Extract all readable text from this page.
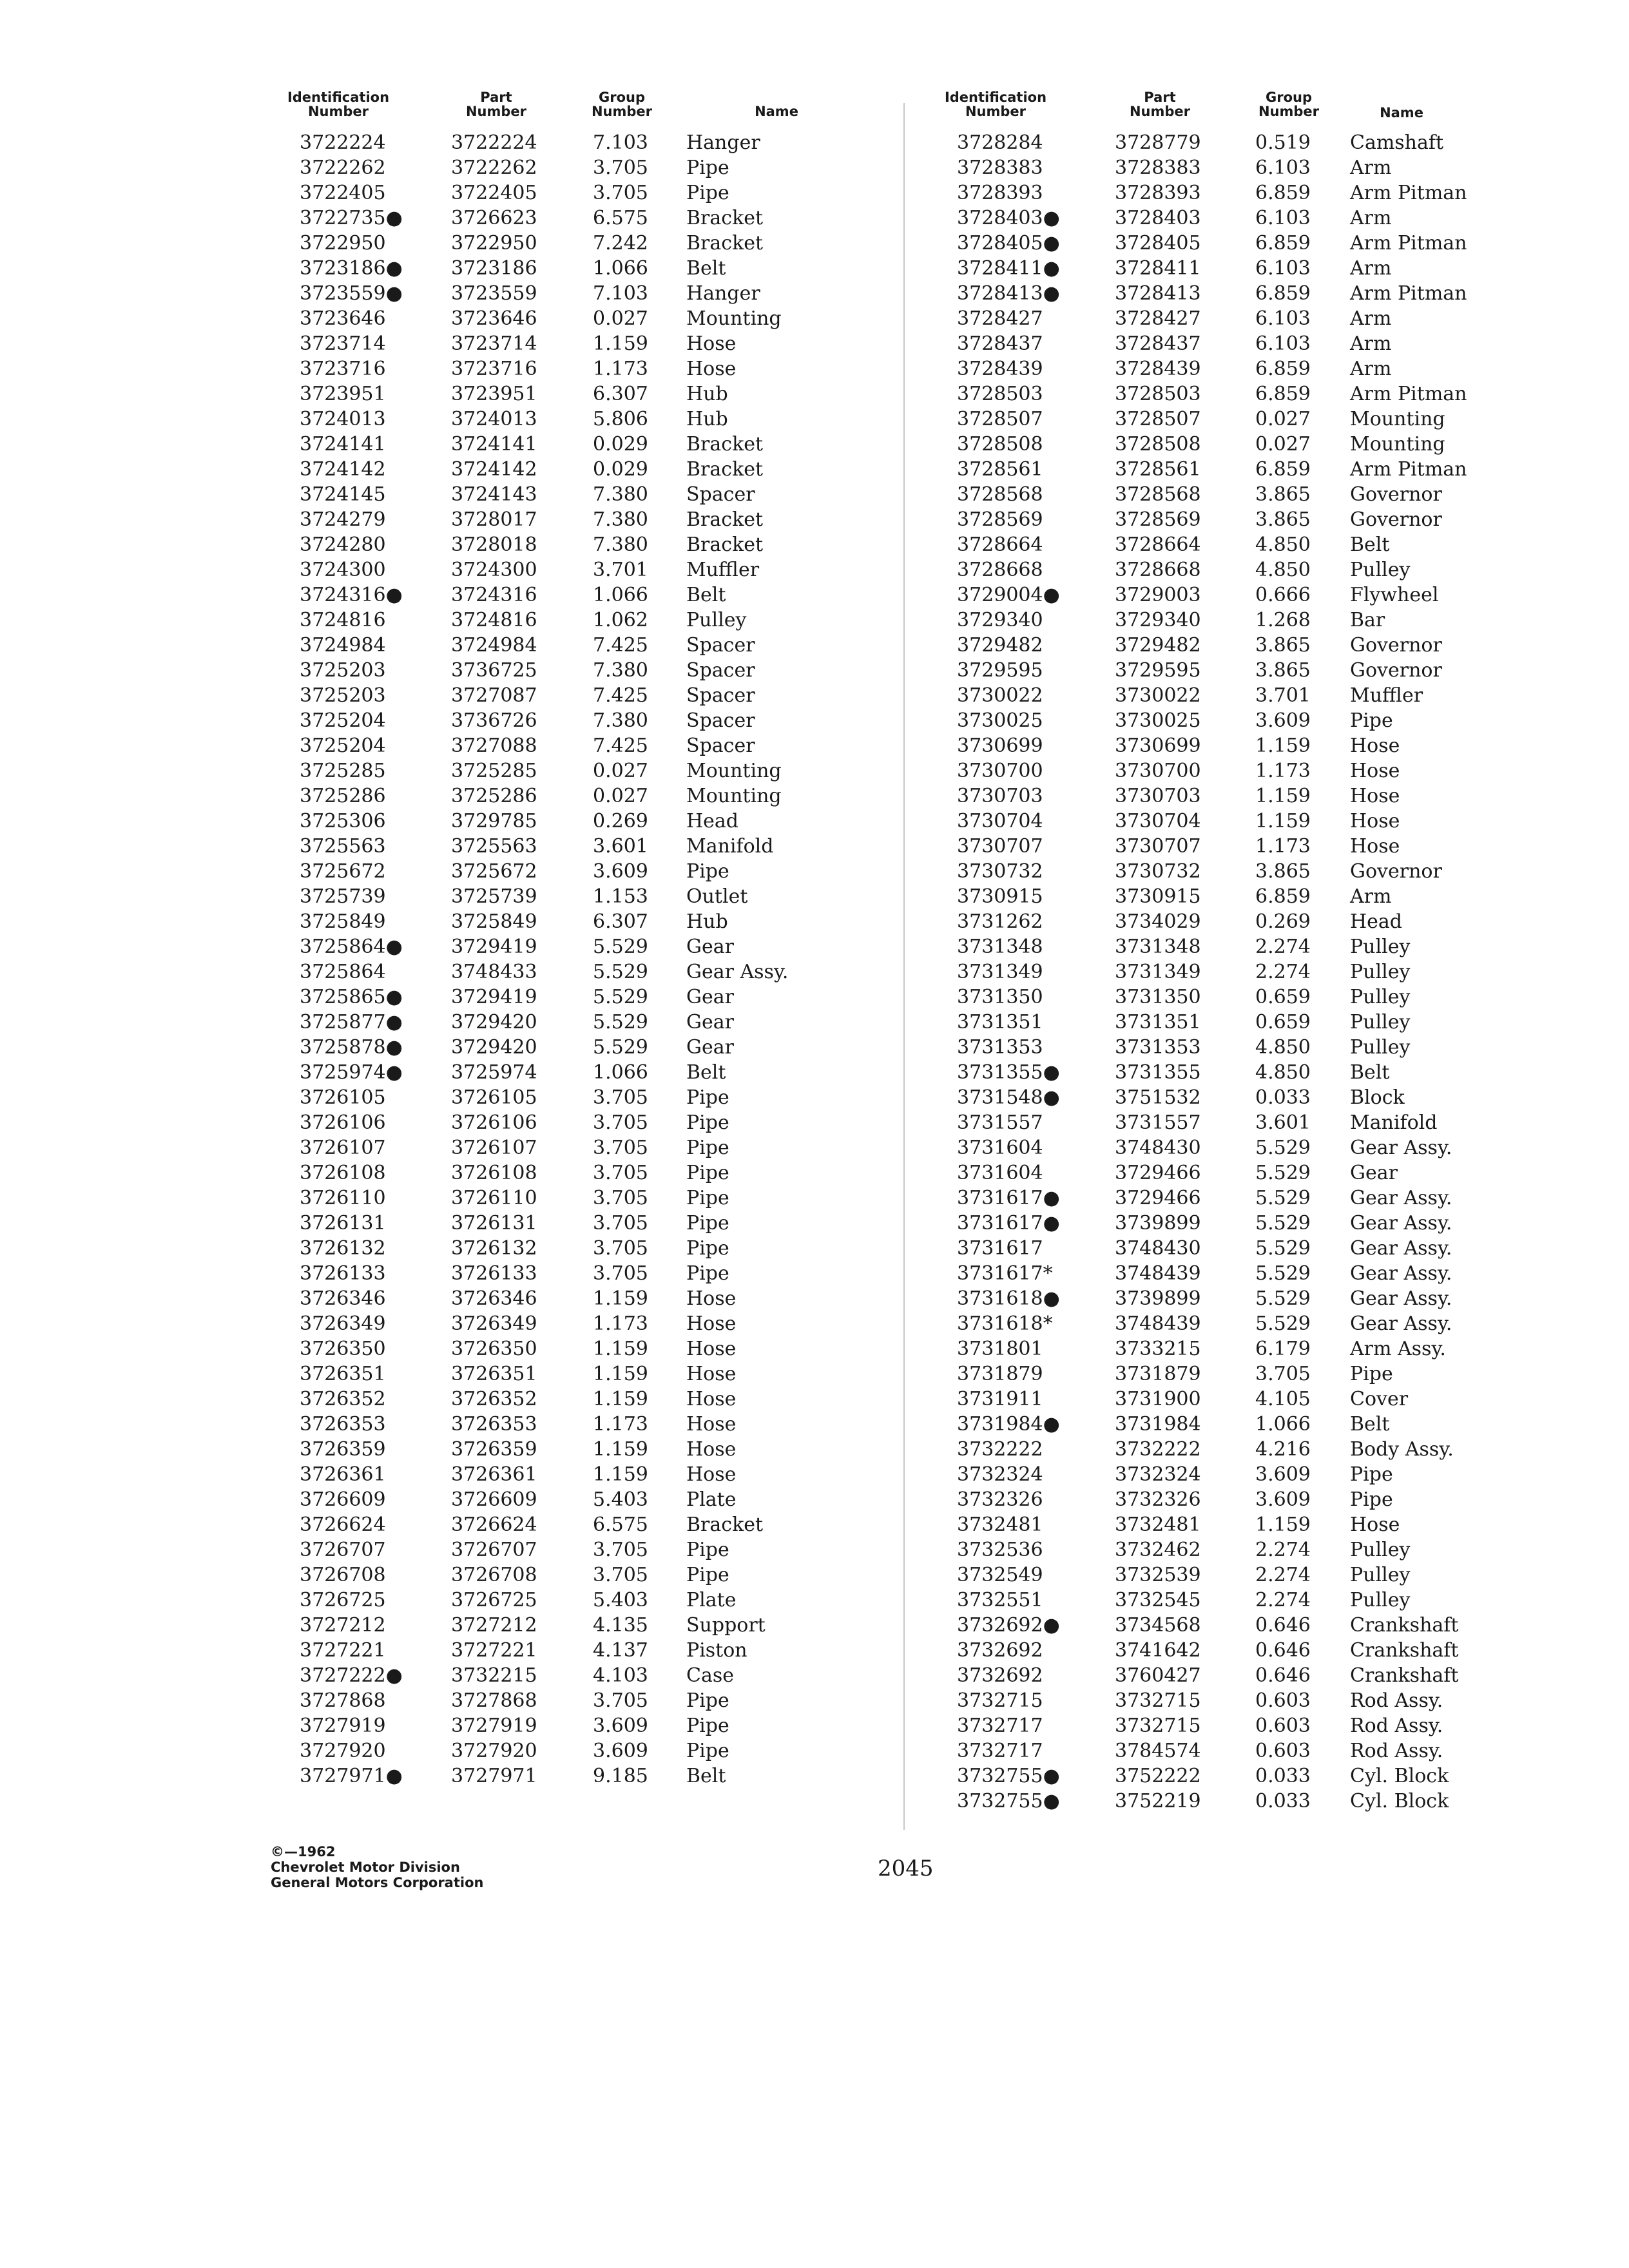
Identification
Number
Part
Number
Group
Number	Name
3722224	3722224	7.103 Hanger
3722262	3722262	3.705 Pipe
3722405	3722405	3.705 Pipe
3722735●	3726623	6.575 Bracket
3722950	3722950	7.242 Bracket
3723186●	3723186	1.066 Belt
3723559●	3723559	7.103 Hanger
3723646	3723646	0.027 Mounting
3723714	3723714	1.159 Hose
3723716	3723716	1.173 Hose
3723951	3723951	6.307 Hub
3724013	3724013	5.806 Hub
3724141	3724141	0.029 Bracket
3724142	3724142	0.029 Bracket
3724145	3724143	7.380 Spacer
3724279	3728017	7.380 Bracket
3724280	3728018	7.380 Bracket
3724300	3724300	3.701 Muffler
3724316●	3724316	1.066 Belt
3724816	3724816	1.062 Pulley
3724984	3724984	7.425 Spacer
3725203	3736725	7.380 Spacer
3725203	3727087	7.425 Spacer
3725204	3736726	7.380 Spacer
3725204	3727088	7.425 Spacer
3725285	3725285	0.027 Mounting
3725286	3725286	0.027 Mounting
3725306	3729785	0.269 Head
3725563	3725563	3.601 Manifold
3725672	3725672	3.609 Pipe
3725739	3725739	1.153 Outlet
3725849	3725849	6.307 Hub
3725864●	3729419	5.529 Gear
3725864	3748433	5.529 Gear Assy.
3725865●	3729419	5.529 Gear
3725877●	3729420	5.529 Gear
3725878●	3729420	5.529 Gear
3725974●	3725974	1.066 Belt
3726105	3726105	3.705 Pipe
3726106	3726106	3.705 Pipe
3726107	3726107	3.705 Pipe
3726108	3726108	3.705 Pipe
3726110	3726110	3.705 Pipe
3726131	3726131	3.705 Pipe
3726132	3726132	3.705 Pipe
3726133	3726133	3.705 Pipe
3726346	3726346	1.159 Hose
3726349	3726349	1.173 Hose
3726350	3726350	1.159 Hose
3726351	3726351	1.159 Hose
3726352	3726352	1.159 Hose
3726353	3726353	1.173 Hose
3726359	3726359	1.159 Hose
3726361	3726361	1.159 Hose
3726609	3726609	5.403 Plate
3726624	3726624	6.575 Bracket
3726707	3726707	3.705 Pipe
3726708	3726708	3.705 Pipe
3726725	3726725	5.403 Plate
3727212	3727212	4.135 Support
3727221	3727221	4.137 Piston
3727222●	3732215	4.103 Case
3727868	3727868	3.705 Pipe
3727919	3727919	3.609 Pipe
3727920	3727920	3.609 Pipe
3727971●	3727971	9.185 Belt
Identification
Number
Part
Number
Group
Number	Name
3728284	3728779	0.519 Camshaft
3728383	3728383	6.103 Arm
3728393	3728393	6.859 Arm Pitman
3728403●	3728403	6.103 Arm
3728405●	3728405	6.859 Arm Pitman
3728411●	3728411	6.103 Arm
3728413●	3728413	6.859 Arm Pitman
3728427	3728427	6.103 Arm
3728437	3728437	6.103 Arm
3728439	3728439	6.859 Arm
3728503	3728503	6.859 Arm Pitman
3728507	3728507	0.027 Mounting
3728508	3728508	0.027 Mounting
3728561	3728561	6.859 Arm Pitman
3728568	3728568	3.865 Governor
3728569	3728569	3.865 Governor
3728664	3728664	4.850 Belt
3728668	3728668	4.850 Pulley
3729004●	3729003	0.666 Flywheel
3729340	3729340	1.268 Bar
3729482	3729482	3.865 Governor
3729595	3729595	3.865 Governor
3730022	3730022	3.701 Muffler
3730025	3730025	3.609 Pipe
3730699	3730699	1.159 Hose
3730700	3730700	1.173 Hose
3730703	3730703	1.159 Hose
3730704	3730704	1.159 Hose
3730707	3730707	1.173 Hose
3730732	3730732	3.865 Governor
3730915	3730915	6.859 Arm
3731262	3734029	0.269 Head
3731348	3731348	2.274 Pulley
3731349	3731349	2.274 Pulley
3731350	3731350	0.659 Pulley
3731351	3731351	0.659 Pulley
3731353	3731353	4.850 Pulley
3731355●	3731355	4.850 Belt
3731548●	3751532	0.033 Block
3731557	3731557	3.601 Manifold
3731604	3748430	5.529 Gear Assy.
3731604	3729466	5.529 Gear
3731617●	3729466	5.529 Gear Assy.
3731617●	3739899	5.529 Gear Assy.
3731617	3748430	5.529 Gear Assy.
3731617*	3748439	5.529 Gear Assy.
3731618●	3739899	5.529 Gear Assy.
3731618*	3748439	5.529 Gear Assy.
3731801	3733215	6.179 Arm Assy.
3731879	3731879	3.705 Pipe
3731911	3731900	4.105 Cover
3731984●	3731984	1.066 Belt
3732222	3732222	4.216 Body Assy.
3732324	3732324	3.609 Pipe
3732326	3732326	3.609 Pipe
3732481	3732481	1.159 Hose
3732536	3732462	2.274 Pulley
3732549	3732539	2.274 Pulley
3732551	3732545	2.274 Pulley
3732692●	3734568	0.646 Crankshaft
3732692	3741642	0.646 Crankshaft
3732692	3760427	0.646 Crankshaft
3732715	3732715	0.603 Rod Assy.
3732717	3732715	0.603 Rod Assy.
3732717	3784574	0.603 Rod Assy.
3732755●	3752222	0.033 Cyl. Block
3732755●	3752219	0.033 Cyl. Block
©—1962
Chevrolet Motor Division
General Motors Corporation
2045
